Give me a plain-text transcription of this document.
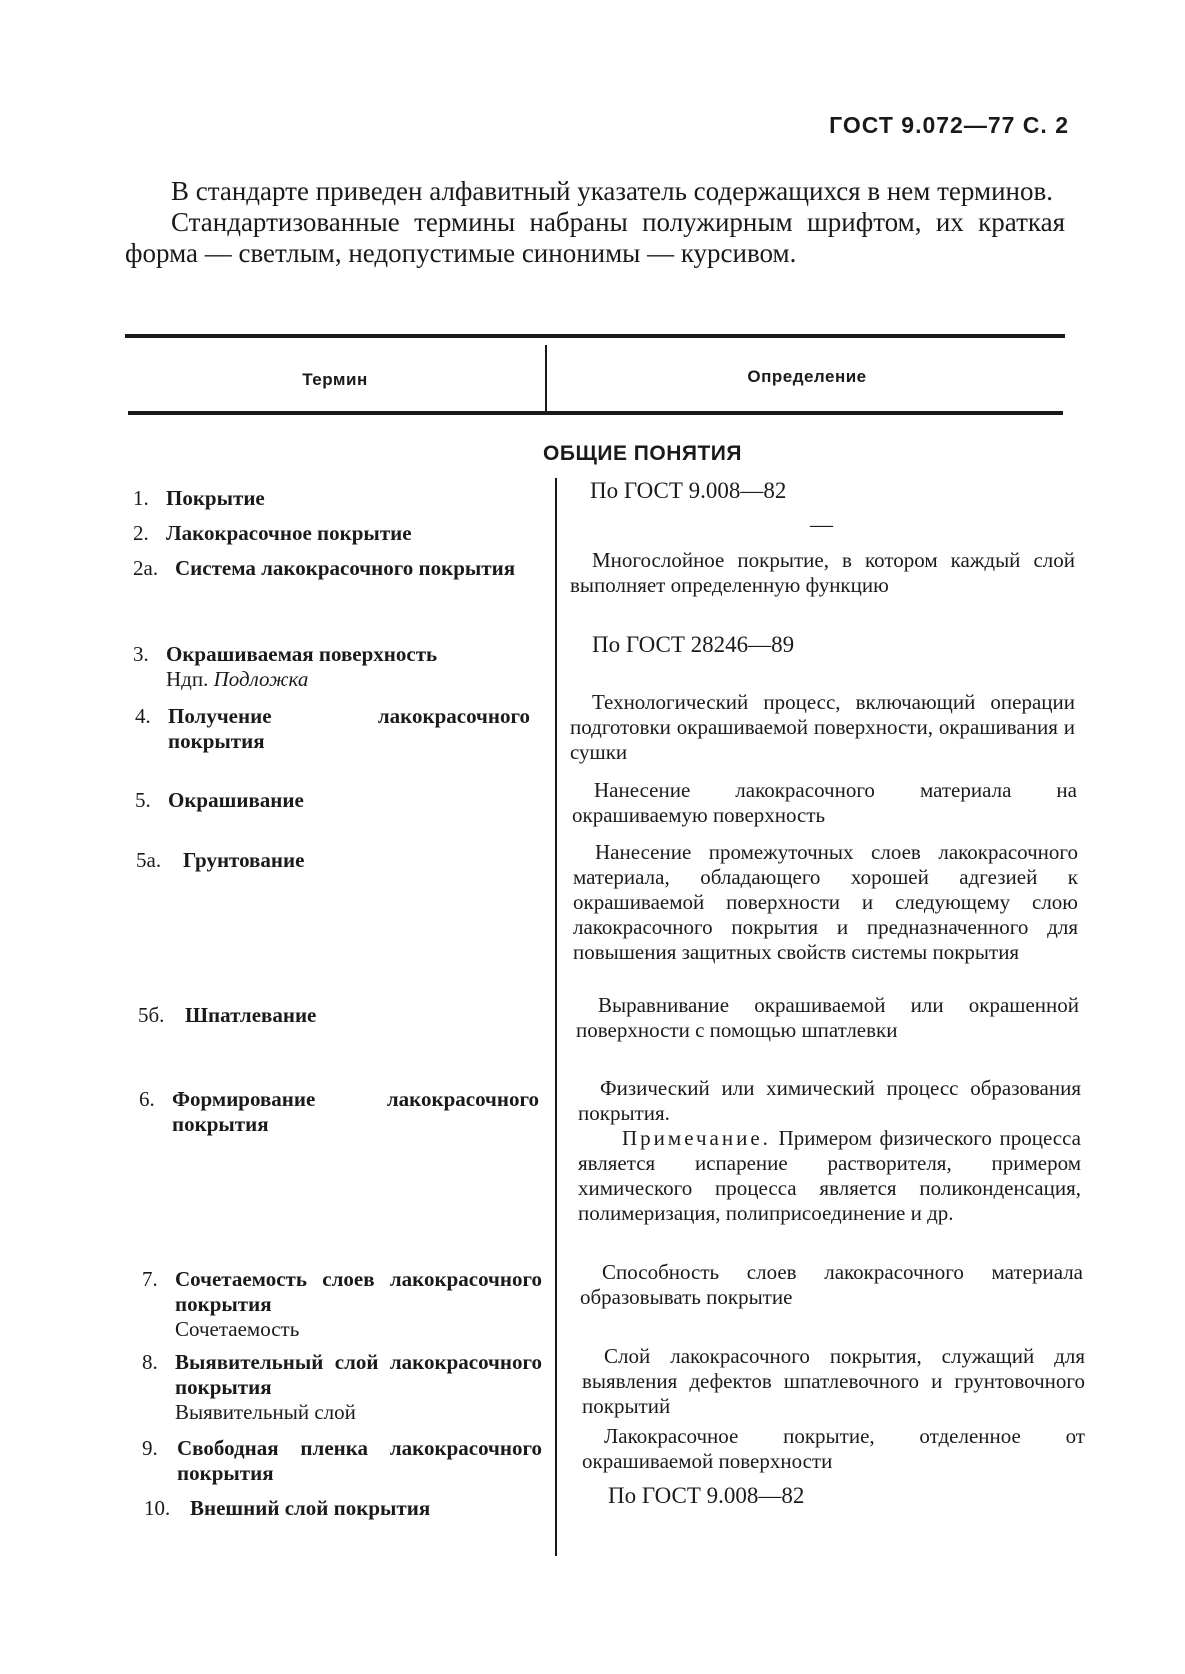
ГОСТ 9.072—77 С. 2

В стандарте приведен алфавитный указатель содержащихся в нем терминов.

Стандартизованные термины набраны полужирным шрифтом, их краткая форма — светлым, недопустимые синонимы — курсивом.

Термин	Определение
ОБЩИЕ ПОНЯТИЯ
1. Покрытие
2. Лакокрасочное покрытие
2а. Система лакокрасочного покрытия
3. Окрашиваемая поверхность
Ндп. Подложка
4. Получение лакокрасочного покрытия
5. Окрашивание
5а. Грунтование
5б. Шпатлевание
6. Формирование лакокрасочного покрытия
7. Сочетаемость слоев лакокрасочного покрытия
Сочетаемость
8. Выявительный слой лакокрасочного покрытия
Выявительный слой
9. Свободная пленка лакокрасочного покрытия
10. Внешний слой покрытия
По ГОСТ 9.008—82
—

Многослойное покрытие, в котором каждый слой выполняет определенную функцию

По ГОСТ 28246—89

Технологический процесс, включающий операции подготовки окрашиваемой поверхности, окрашивания и сушки

Нанесение лакокрасочного материала на окрашиваемую поверхность

Нанесение промежуточных слоев лакокрасочного материала, обладающего хорошей адгезией к окрашиваемой поверхности и следующему слою лакокрасочного покрытия и предназначенного для повышения защитных свойств системы покрытия

Выравнивание окрашиваемой или окрашенной поверхности с помощью шпатлевки

Физический или химический процесс образования покрытия.

Примечание. Примером физического процесса является испарение растворителя, примером химического процесса является поликонденсация, полимеризация, полиприсоединение и др.

Способность слоев лакокрасочного материала образовывать покрытие

Слой лакокрасочного покрытия, служащий для выявления дефектов шпатлевочного и грунтовочного покрытий

Лакокрасочное покрытие, отделенное от окрашиваемой поверхности

По ГОСТ 9.008—82
